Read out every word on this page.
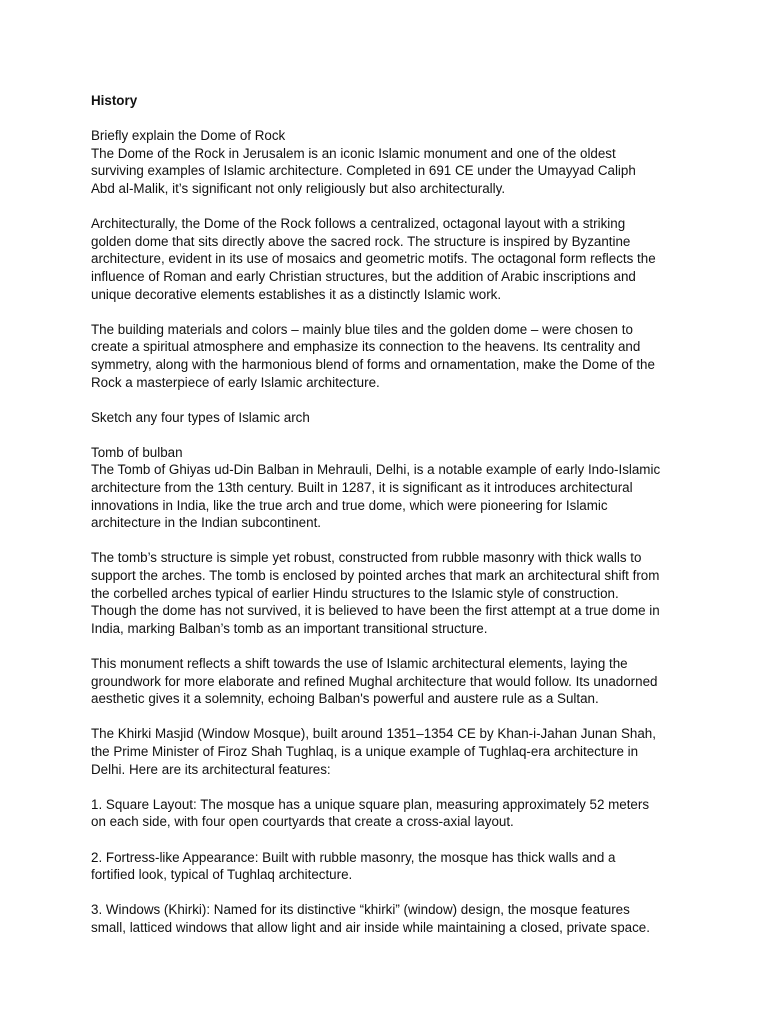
History

Briefly explain the Dome of Rock

The Dome of the Rock in Jerusalem is an iconic Islamic monument and one of the oldest

surviving examples of Islamic architecture. Completed in 691 CE under the Umayyad Caliph

Abd al-Malik, it’s significant not only religiously but also architecturally.

Architecturally, the Dome of the Rock follows a centralized, octagonal layout with a striking

golden dome that sits directly above the sacred rock. The structure is inspired by Byzantine

architecture, evident in its use of mosaics and geometric motifs. The octagonal form reflects the

influence of Roman and early Christian structures, but the addition of Arabic inscriptions and

unique decorative elements establishes it as a distinctly Islamic work.

The building materials and colors – mainly blue tiles and the golden dome – were chosen to

create a spiritual atmosphere and emphasize its connection to the heavens. Its centrality and

symmetry, along with the harmonious blend of forms and ornamentation, make the Dome of the

Rock a masterpiece of early Islamic architecture.

Sketch any four types of Islamic arch

Tomb of bulban

The Tomb of Ghiyas ud-Din Balban in Mehrauli, Delhi, is a notable example of early Indo-Islamic

architecture from the 13th century. Built in 1287, it is significant as it introduces architectural

innovations in India, like the true arch and true dome, which were pioneering for Islamic

architecture in the Indian subcontinent.

The tomb’s structure is simple yet robust, constructed from rubble masonry with thick walls to

support the arches. The tomb is enclosed by pointed arches that mark an architectural shift from

the corbelled arches typical of earlier Hindu structures to the Islamic style of construction.

Though the dome has not survived, it is believed to have been the first attempt at a true dome in

India, marking Balban’s tomb as an important transitional structure.

This monument reflects a shift towards the use of Islamic architectural elements, laying the

groundwork for more elaborate and refined Mughal architecture that would follow. Its unadorned

aesthetic gives it a solemnity, echoing Balban's powerful and austere rule as a Sultan.

The Khirki Masjid (Window Mosque), built around 1351–1354 CE by Khan-i-Jahan Junan Shah,

the Prime Minister of Firoz Shah Tughlaq, is a unique example of Tughlaq-era architecture in

Delhi. Here are its architectural features:

1. Square Layout: The mosque has a unique square plan, measuring approximately 52 meters

on each side, with four open courtyards that create a cross-axial layout.

2. Fortress-like Appearance: Built with rubble masonry, the mosque has thick walls and a

fortified look, typical of Tughlaq architecture.

3. Windows (Khirki): Named for its distinctive “khirki” (window) design, the mosque features

small, latticed windows that allow light and air inside while maintaining a closed, private space.
